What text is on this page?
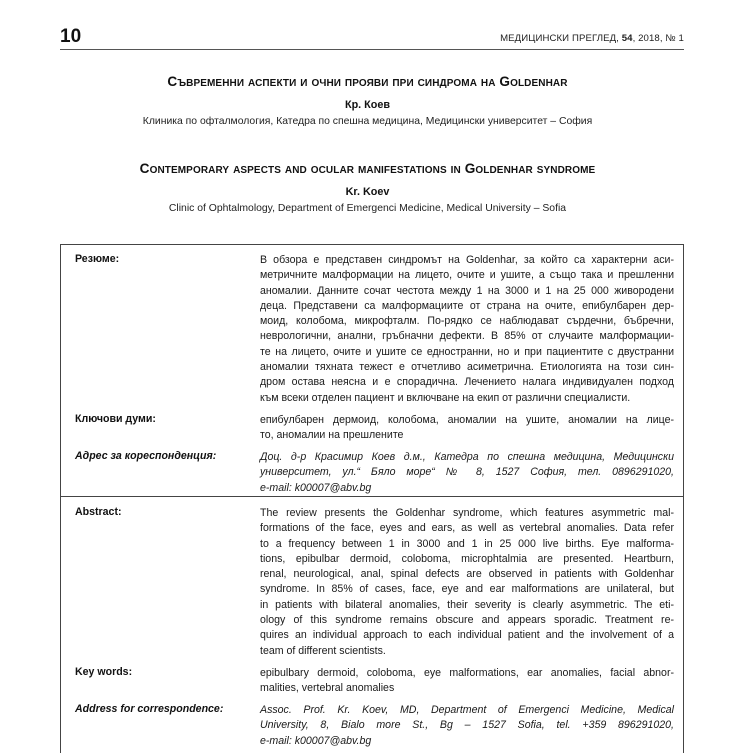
10	МЕДИЦИНСКИ ПРЕГЛЕД, 54, 2018, № 1
Съвременни аспекти и очни прояви при синдрома на Goldenhar
Кр. Коев
Клиника по офталмология, Катедра по спешна медицина, Медицински университет – София
Contemporary aspects and ocular manifestations in Goldenhar syndrome
Kr. Koev
Clinic of Ophtalmology, Department of Emergenci Medicine, Medical University – Sofia
Резюме:	В обзора е представен синдромът на Goldenhar, за който са характерни аси-
метричните малформации на лицето, очите и ушите, а също така и прешленни
аномалии. Данните сочат честота между 1 на 3000 и 1 на 25 000 живородени
деца. Представени са малформациите от страна на очите, епибулбарен дер-
моид, колобома, микрофталм. По-рядко се наблюдават сърдечни, бъбречни,
неврологични, анални, гръбначни дефекти. В 85% от случаите малформации-
те на лицето, очите и ушите се едностранни, но и при пациентите с двустранни
аномалии тяхната тежест е отчетливо асиметрична. Етиологията на този син-
дром остава неясна и е спорадична. Лечението налага индивидуален подход
към всеки отделен пациент и включване на екип от различни специалисти.
Ключови думи:	епибулбарен дермоид, колобома, аномалии на ушите, аномалии на лице-
то, аномалии на прешлените
Адрес за кореспонденция:	Доц. д-р Красимир Коев д.м., Катедра по спешна медицина, Медицински
университет, ул.“ Бяло море“ № 8, 1527 София, тел. 0896291020,
e-mail: k00007@abv.bg
Abstract:	The review presents the Goldenhar syndrome, which features asymmetric mal-
formations of the face, eyes and ears, as well as vertebral anomalies. Data refer
to a frequency between 1 in 3000 and 1 in 25 000 live births. Eye malforma-
tions, epibulbar dermoid, coloboma, microphtalmia are presented. Heartburn,
renal, neurological, anal, spinal defects are observed in patients with Goldenhar
syndrome. In 85% of cases, face, eye and ear malformations are unilateral, but
in patients with bilateral anomalies, their severity is clearly asymmetric. The eti-
ology of this syndrome remains obscure and appears sporadic. Treatment re-
quires an individual approach to each individual patient and the involvement of a
team of different scientists.
Key words:	epibulbary dermoid, coloboma, eye malformations, ear anomalies, facial abnor-
malities, vertebral anomalies
Address for correspondence:	Assoc. Prof. Kr. Koev, MD, Department of Emergenci Medicine, Medical
University, 8, Bialo more St., Bg – 1527 Sofia, tel. +359 896291020,
e-mail: k00007@abv.bg
